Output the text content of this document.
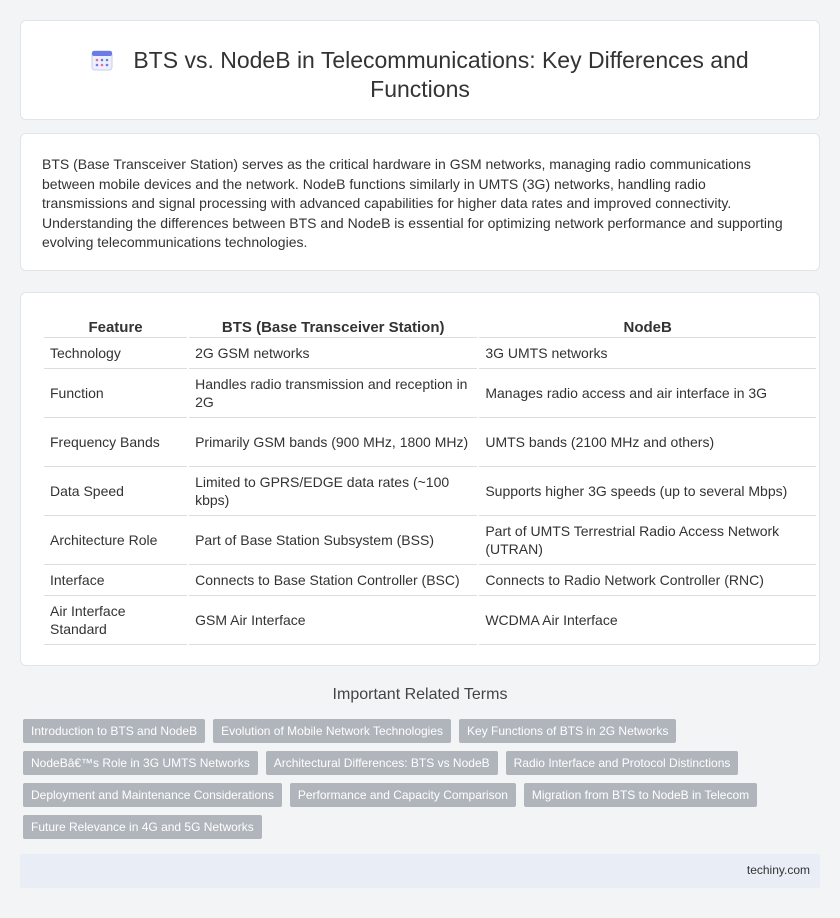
BTS vs. NodeB in Telecommunications: Key Differences and Functions

BTS (Base Transceiver Station) serves as the critical hardware in GSM networks, managing radio communications between mobile devices and the network. NodeB functions similarly in UMTS (3G) networks, handling radio transmissions and signal processing with advanced capabilities for higher data rates and improved connectivity. Understanding the differences between BTS and NodeB is essential for optimizing network performance and supporting evolving telecommunications technologies.

Feature	BTS (Base Transceiver Station)	NodeB
Technology	2G GSM networks	3G UMTS networks
Function	Handles radio transmission and reception in 2G	Manages radio access and air interface in 3G
Frequency Bands	Primarily GSM bands (900 MHz, 1800 MHz)	UMTS bands (2100 MHz and others)
Data Speed	Limited to GPRS/EDGE data rates (~100 kbps)	Supports higher 3G speeds (up to several Mbps)
Architecture Role	Part of Base Station Subsystem (BSS)	Part of UMTS Terrestrial Radio Access Network (UTRAN)
Interface	Connects to Base Station Controller (BSC)	Connects to Radio Network Controller (RNC)
Air Interface Standard	GSM Air Interface	WCDMA Air Interface
Important Related Terms
Introduction to BTS and NodeB	Evolution of Mobile Network Technologies	Key Functions of BTS in 2G Networks
NodeBâ€™s Role in 3G UMTS Networks	Architectural Differences: BTS vs NodeB	Radio Interface and Protocol Distinctions
Deployment and Maintenance Considerations	Performance and Capacity Comparison	Migration from BTS to NodeB in Telecom
Future Relevance in 4G and 5G Networks
techiny.com
